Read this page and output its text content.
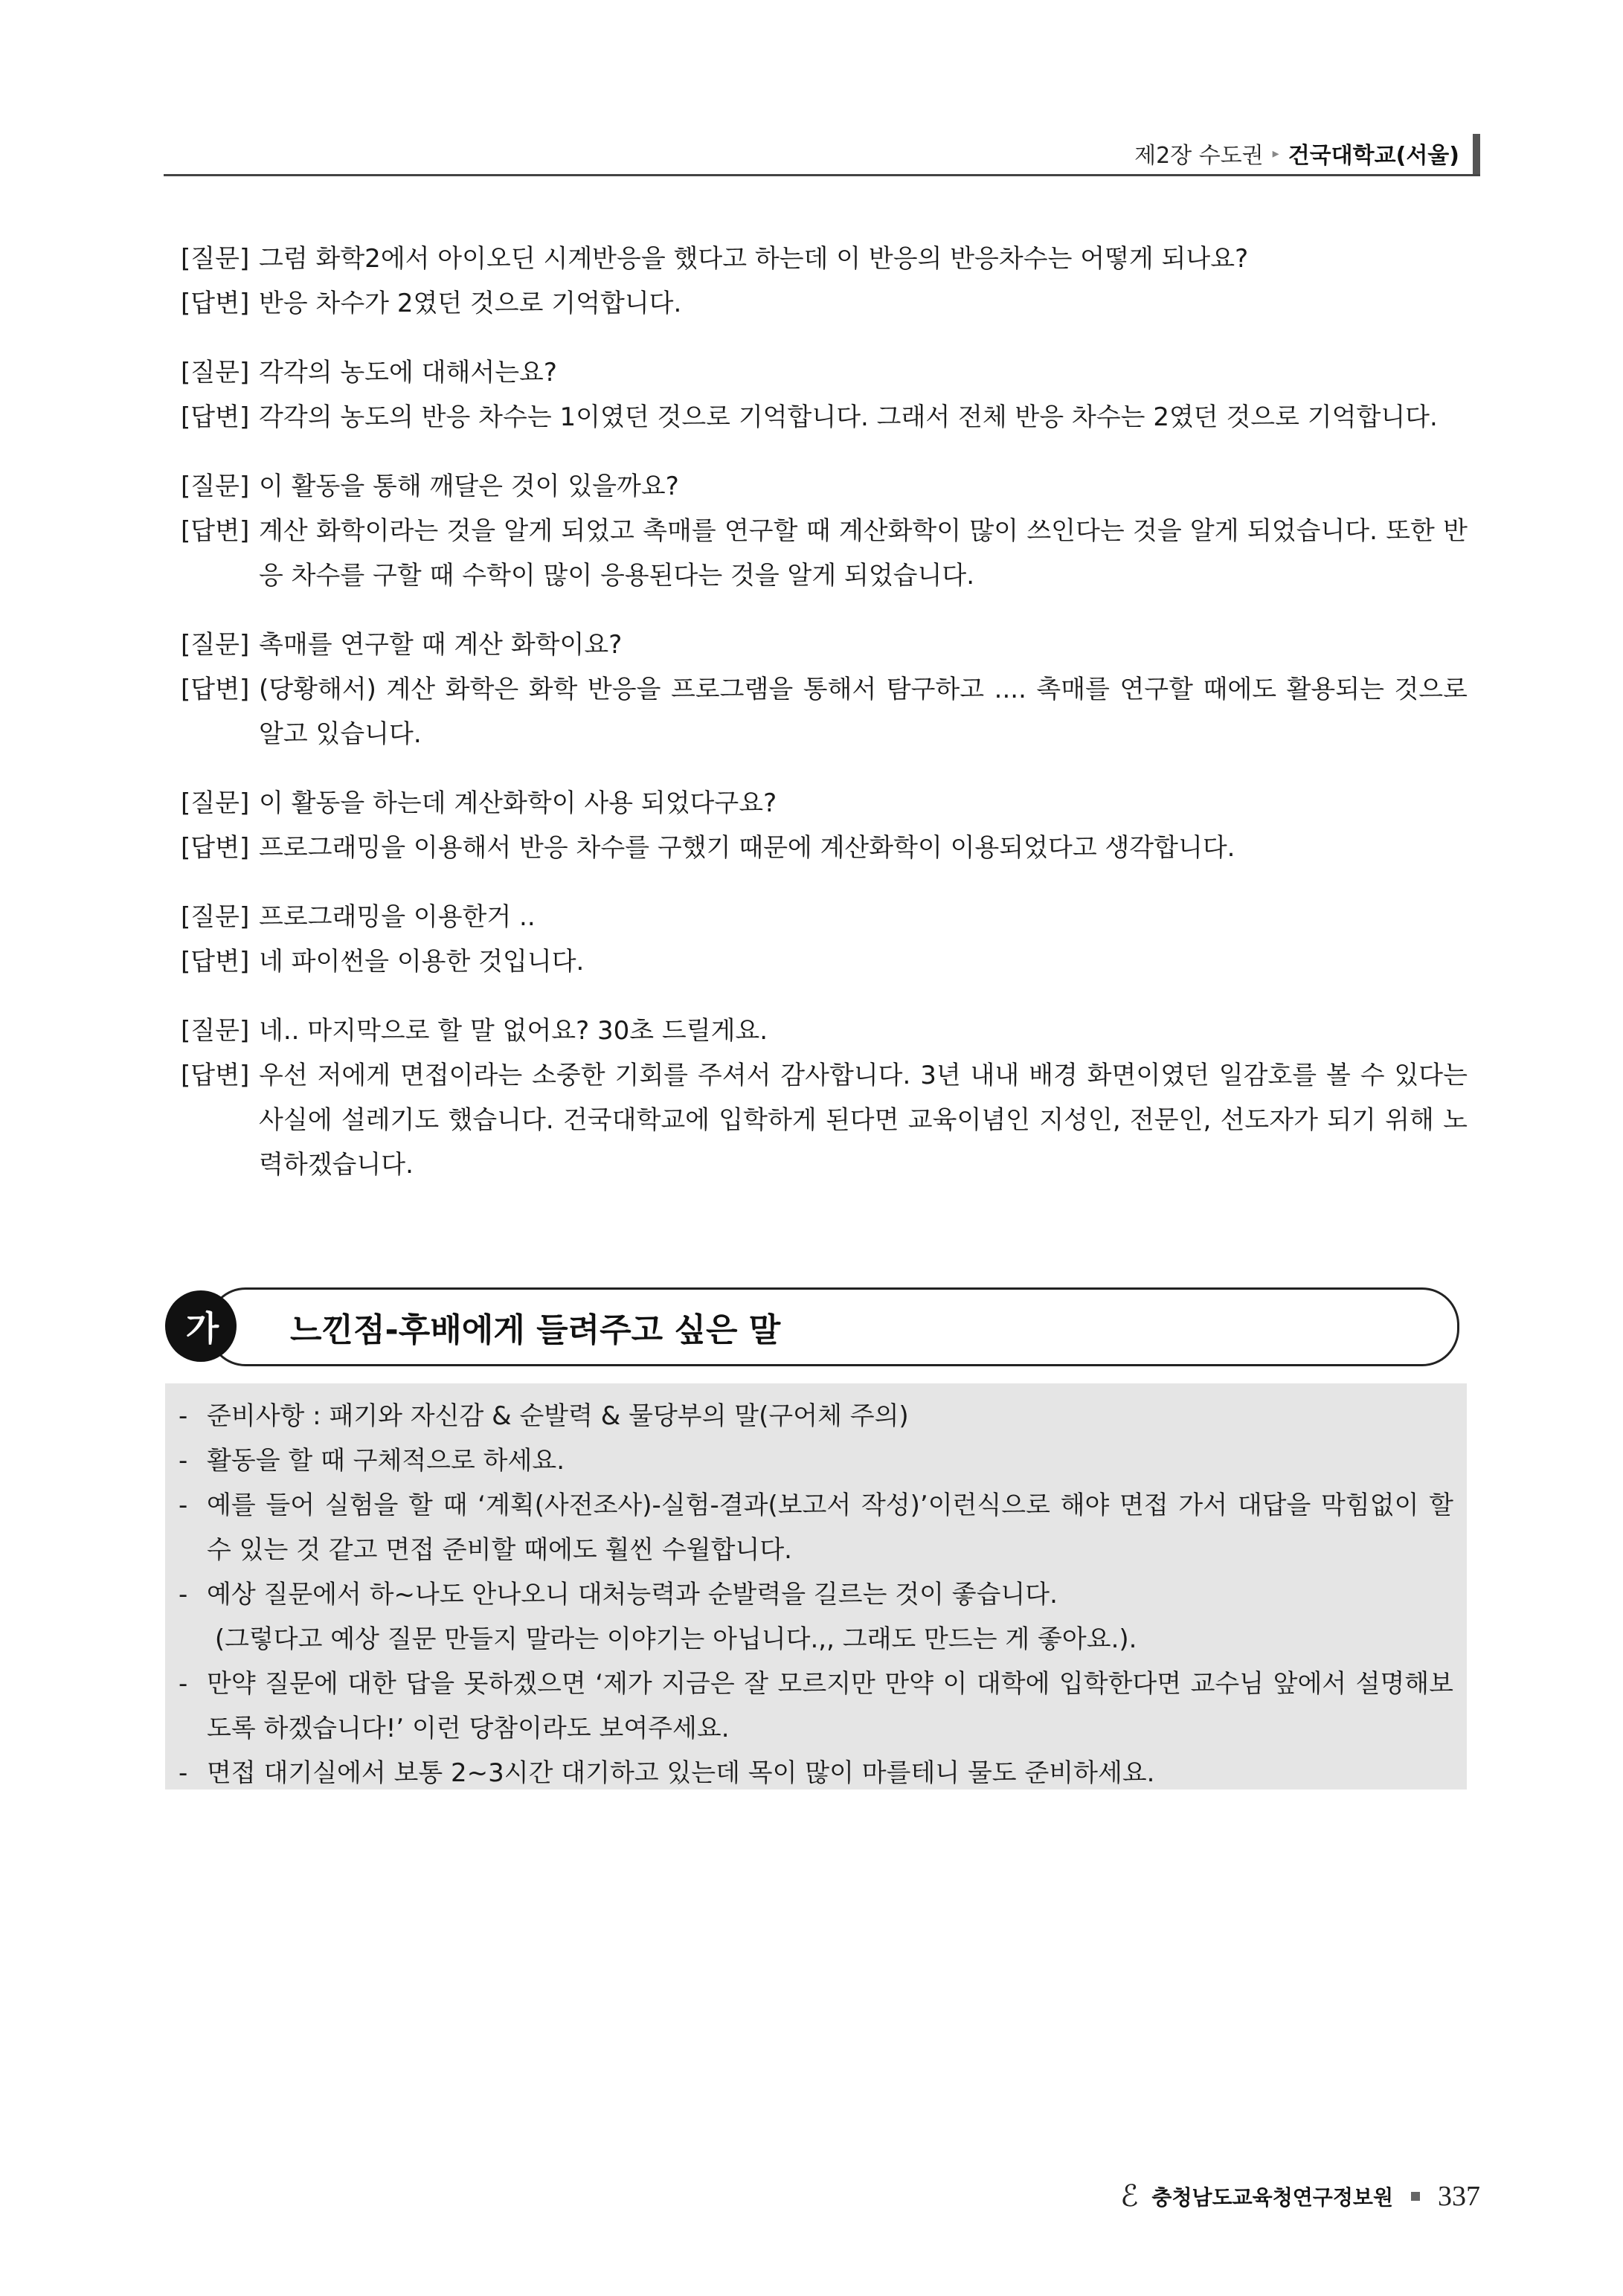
제2장 수도권 ▸ 건국대학교(서울)
[질문] 그럼 화학2에서 아이오딘 시계반응을 했다고 하는데 이 반응의 반응차수는 어떻게 되나요?
[답변] 반응 차수가 2였던 것으로 기억합니다.
[질문] 각각의 농도에 대해서는요?
[답변] 각각의 농도의 반응 차수는 1이였던 것으로 기억합니다. 그래서 전체 반응 차수는 2였던 것으로 기억합니다.
[질문] 이 활동을 통해 깨달은 것이 있을까요?
[답변] 계산 화학이라는 것을 알게 되었고 촉매를 연구할 때 계산화학이 많이 쓰인다는 것을 알게 되었습니다. 또한 반응 차수를 구할 때 수학이 많이 응용된다는 것을 알게 되었습니다.
[질문] 촉매를 연구할 때 계산 화학이요?
[답변] (당황해서) 계산 화학은 화학 반응을 프로그램을 통해서 탐구하고 .... 촉매를 연구할 때에도 활용되는 것으로 알고 있습니다.
[질문] 이 활동을 하는데 계산화학이 사용 되었다구요?
[답변] 프로그래밍을 이용해서 반응 차수를 구했기 때문에 계산화학이 이용되었다고 생각합니다.
[질문] 프로그래밍을 이용한거 ..
[답변] 네 파이썬을 이용한 것입니다.
[질문] 네.. 마지막으로 할 말 없어요? 30초 드릴게요.
[답변] 우선 저에게 면접이라는 소중한 기회를 주셔서 감사합니다. 3년 내내 배경 화면이였던 일감호를 볼 수 있다는 사실에 설레기도 했습니다. 건국대학교에 입학하게 된다면 교육이념인 지성인, 전문인, 선도자가 되기 위해 노력하겠습니다.
가	느낀점-후배에게 들려주고 싶은 말
- 준비사항 : 패기와 자신감 & 순발력 & 물당부의 말(구어체 주의)
- 활동을 할 때 구체적으로 하세요.
- 예를 들어 실험을 할 때 ‘계획(사전조사)-실험-결과(보고서 작성)’이런식으로 해야 면접 가서 대답을 막힘없이 할 수 있는 것 같고 면접 준비할 때에도 훨씬 수월합니다.
- 예상 질문에서 하~나도 안나오니 대처능력과 순발력을 길르는 것이 좋습니다.
(그렇다고 예상 질문 만들지 말라는 이야기는 아닙니다.,, 그래도 만드는 게 좋아요.).
- 만약 질문에 대한 답을 못하겠으면 ‘제가 지금은 잘 모르지만 만약 이 대학에 입학한다면 교수님 앞에서 설명해보도록 하겠습니다!’ 이런 당참이라도 보여주세요.
- 면접 대기실에서 보통 2~3시간 대기하고 있는데 목이 많이 마를테니 물도 준비하세요.
ℰ 충청남도교육청연구정보원 337
